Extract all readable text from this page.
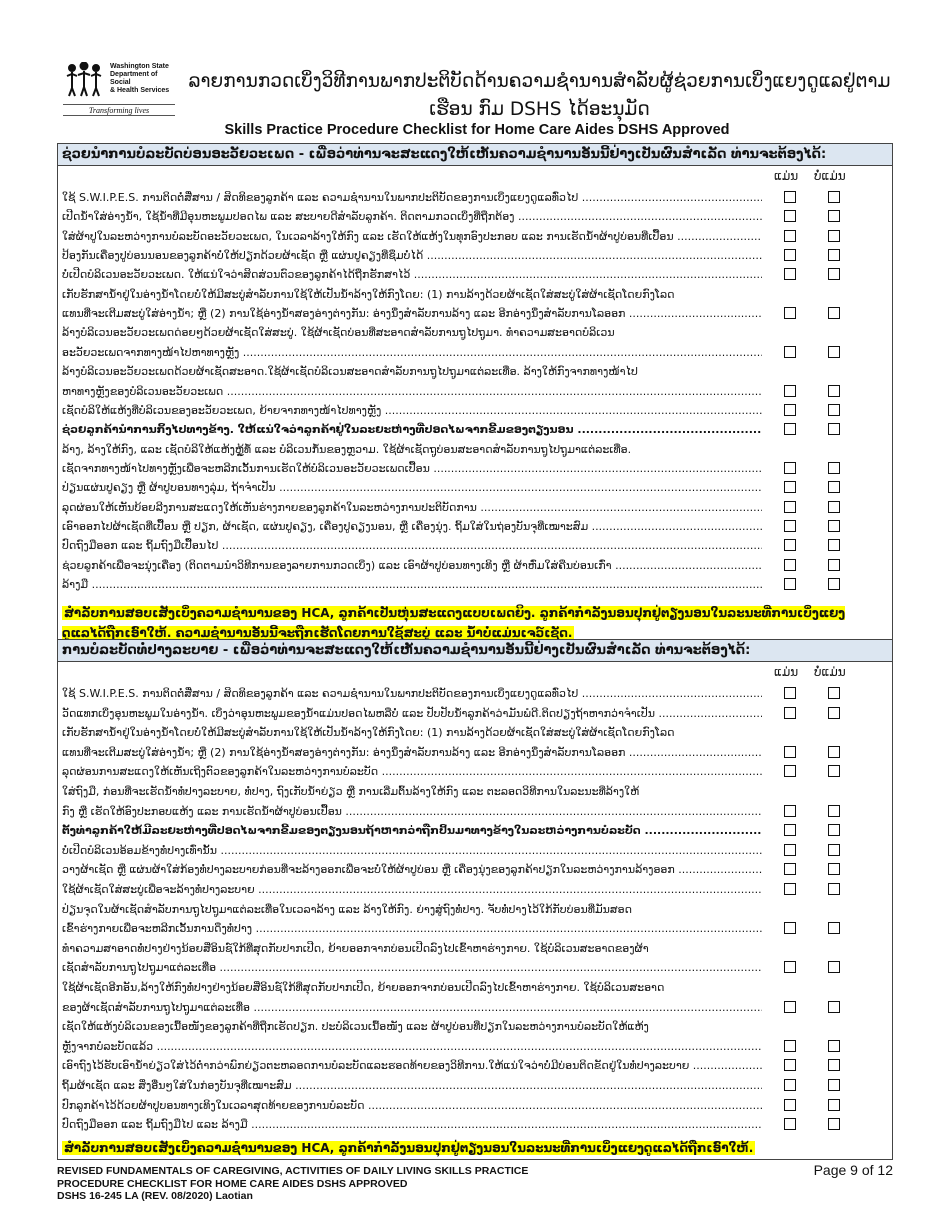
Washington State
Department of Social
& Health Services
Transforming lives
ລາຍການກວດເບິ່ງວິທີການພາກປະຕິບັດດ້ານຄວາມຊໍານານສໍາລັບຜູ້ຊ່ວຍການເບິ່ງແຍງດູແລຢູ່ຕາມເຮືອນ ກົມ DSHS ໄດ້ອະນຸມັດ
Skills Practice Procedure Checklist for Home Care Aides DSHS Approved
ຊ່ວຍນໍາການບໍລະບັດບ່ອນອະວັຍວະເພດ - ເພື່ອວ່າທ່ານຈະສະແດງໃຫ້ເຫັນຄວາມຊໍານານອັນນີ້ຢ່າງເປັນຜົນສໍາເລັດ ທ່ານຈະຕ້ອງໄດ້:
ແມ່ນ ບໍ່ແມ່ນ
ໃຊ້ S.W.I.P.E.S. ການຕິດຕໍ່ສື່ສານ / ສິດທິຂອງລູກຄ້າ ແລະ ຄວາມຊໍານານໃນພາກປະຕິບັດຂອງການເບິ່ງແຍງດູແລທົ່ວໄປ .....
ເປີດນໍ້າໃສ່ອ່າງນໍ້າ, ໃຊ້ນໍ້າທີ່ມີອຸນຫະພູມປອດໄພ ແລະ ສະບາຍດີສໍາລັບລູກຄ້າ. ຕິດຕາມກວດເບິ່ງທີ່ຖືກຕ້ອງ .....
ໃສ່ຜ້າປູໃນລະຫວ່າງການບໍລະບັດອະວັຍວະເພດ, ໃນເວລາລ້າງໃຫ້ກົງ ແລະ ເຮັດໃຫ້ແຫ້ງໃນທຸກອົງປະກອບ ແລະ ການເຮັດນໍ້າຜ້າປູບ່ອນທີ່ເປື້ອນ .....
ປ້ອງກັນເຄື່ອງປູບ່ອນນອນຂອງລູກຄ້າບໍ່ໃຫ້ປຽກດ້ວຍຜ້າເຊັດ ຫຼື ແຜ່ນປູຄຽງທີ່ຊຶມບໍ່ໄດ້ .....
ບໍ່ເປີດບໍລິເວນອະວັຍວະເພດ. ໃຫ້ແນ່ໃຈວ່າສິດສ່ວນຕົວຂອງລູກຄ້າໄດ້ຖືກຮັກສາໄວ້ .....
ເກັບຮັກສານໍ້າຢູ່ໃນອ່າງນໍ້າໂດຍບໍ່ໃຫ້ມີສະບູ່ສໍາລັບການໃຊ້ໃຫ້ເປັນນໍ້າລ້າງໃຫ້ກົງໂດຍ: (1) ການລ້າງດ້ວຍຜ້າເຊັດໃສ່ສະບູ່ໃສ່ຜ້າເຊັດໂດຍກົງໂລດ
ແທນທີ່ຈະເຕີມສະບູ່ໃສ່ອ່າງນໍ້າ; ຫຼື (2) ການໃຊ້ອ່າງນໍ້າສອງອ່າງຕ່າງກັນ: ອ່າງນຶ່ງສໍາລັບການລ້າງ ແລະ ອີກອ່າງນຶ່ງສໍາລັບການໂລອອກ .....
ລ້າງບໍລິເວນອະວັຍວະເພດດ່ອຍໆດ້ວຍຜ້າເຊັດໃສ່ສະບູ່. ໃຊ້ຜ້າເຊັດບ່ອນທີ່ສະອາດສໍາລັບການຖູໄປຖູມາ. ທໍາຄວາມສະອາດບໍລິເວນ
ອະວັຍວະເພດຈາກທາງໜ້າໄປຫາທາງຫຼັງ .....
ລ້າງບໍລິເວນອະວັຍວະເພດດ້ວຍຜ້າເຊັດສະອາດ.ໃຊ້ຜ້າເຊັດບໍລິເວນສະອາດສໍາລັບການຖູໄປຖູມາແຕ່ລະເທື່ອ. ລ້າງໃຫ້ກົງຈາກທາງໜ້າໄປ
ຫາທາງຫຼັງຂອງບໍລິເວນອະວັຍວະເພດ .....
ເຊັດບໍລິໃຫ້ແຫ້ງທີ່ບໍລິເວນຂອງອະວັຍວະເພດ, ຍ້າຍຈາກທາງໜ້າໄປທາງຫຼັງ .....
ຊ່ວຍລູກຄ້ານໍາການກິ້ງໄປທາງຂ້າງ. ໃຫ້ແນ່ໃຈວ່າລູກຄ້າຢູ່ໃນລະຍະຫ່າງທີ່ປອດໄພຈາກຂີ້ມຂອງຕຽງນອນ .....
ລ້າງ, ລ້າງໃຫ້ກົງ, ແລະ ເຊັດບໍລິໃຫ້ແຫ້ງຫຼູ້ທໍ້ ແລະ ບໍລິເວນກໍ້ນຂອງຫຼວາມ. ໃຊ້ຜ້າເຊັດຖູບ່ອນສະອາດສໍາລັບການຖູໄປຖູມາແຕ່ລະເທື່ອ.
ເຊັດຈາກທາງໜ້າໄປທາງຫຼັງເພື່ອຈະຫລີກເວັ້ນການເຮັດໃຫ້ບໍລິເວນອະວັຍວະເພດເປື້ອນ .....
ປ່ຽນແຜ່ນປູຄຽງ ຫຼື ຜ້າປູບອນທາງລຸ່ມ, ຖ້າຈໍາເປັນ .....
ລຸດຜ່ອນໃຫ້ເຫັນບ້ອຍລີງການສະແດງໃຫ້ເຫັນຮ່າງກາຍຂອງລູກຄ້າໃນລະຫວ່າງການປະຕິບັດການ .....
ເອົາອອກໄປຜ້າເຊັດທີ່ເປື້ອນ ຫຼື ປຽກ, ຜ້າເຊັດ, ແຜ່ນປູຄຽງ, ເຄື່ອງປູຄຽງນອນ, ຫຼື ເຄື່ອງນຸ່ງ. ຖິ້ມໃສ່ໃນຖ່ອງບັນຈຸທີ່ເໝາະສົມ .....
ປົດຖົງມືອອກ ແລະ ຖິ້ມຖົງມືເປື້ອນໄປ .....
ຊ່ວຍລູກຄ້າເພື່ອຈະນຸ່ງເຄື່ອງ (ຕິດຕາມນໍາວິທີການຂອງລາຍການກວດເບິ່ງ) ແລະ ເອົາຜ້າປູບ່ອນທາງເທິງ ຫຼື ຜ້າຫົ່ມໃສ່ຄືນບ່ອນເກົ່າ .....
ລ້າງມື .....
ສໍາລັບການສອບເສັງເບິ່ງຄວາມຊໍານານຂອງ HCA, ລູກຄ້າເປັນຫຸ່ນສະແດງແບບເພດຍິງ. ລູກຄ້າກໍາລັງນອນປຸກຢູ່ຕຽງນອນໃນລະນະທີ່ການເບິ່ງແຍງດູແລໄດ້ຖືກເອົາໃຫ້. ຄວາມຊໍານານອັນນີ້ຈະຖືກເຮັດໂດຍການໃຊ້ສະບູ່ ແລະ ນໍ້າບໍ່ແມ່ນເຈວ໌ເຊັດ.
ການບໍລະບັດທໍ່ປາງລະບາຍ - ເພື່ອວ່າທ່ານຈະສະແດງໃຫ້ເຫັນຄວາມຊໍານານອັນນີ້ຢ່າງເປັນຜົນສໍາເລັດ ທ່ານຈະຕ້ອງໄດ້:
ແມ່ນ ບໍ່ແມ່ນ
ໃຊ້ S.W.I.P.E.S. ການຕິດຕໍ່ສື່ສານ / ສິດທິຂອງລູກຄ້າ ແລະ ຄວາມຊໍານານໃນພາກປະຕິບັດຂອງການເບິ່ງແຍງດູແລທົ່ວໄປ .....
ວັດແທກເບິ່ງອຸນຫະພູມໃນອ່າງນໍ້າ. ເບິ່ງວ່າອຸນຫະພູມຂອງນໍ້າແມ່ນປອດໄພຫລືບໍ່ ແລະ ປັບປັບນໍ້າລູກຄ້າວ່າມັນພໍດີ.ຕິດປຽງຖ້າຫາກວ່າຈໍາເປັນ .....
ເກັບຮັກສານໍ້າຢູ່ໃນອ່າງນໍ້າໂດຍບໍ່ໃຫ້ມີສະບູ່ສໍາລັບການໃຊ້ໃຫ້ເປັນນໍ້າລ້າງໃຫ້ກົງໂດຍ: (1) ການລ້າງດ້ວຍຜ້າເຊັດໃສ່ສະບູ່ໃສ່ຜ້າເຊັດໂດຍກົງໂລດ
ແທນທີ່ຈະເຕີມສະບູ່ໃສ່ອ່າງນໍ້າ; ຫຼື (2) ການໃຊ້ອ່າງນໍ້າສອງອ່າງຕ່າງກັນ: ອ່າງນຶ່ງສໍາລັບການລ້າງ ແລະ ອີກອ່າງນຶ່ງສໍາລັບການໂລອອກ .....
ລຸດຜ່ອນການສະແດງໃຫ້ເຫັນເຖິງຕົວຂອງລູກຄ້າໃນລະຫວ່າງການບໍລະບັດ .....
ໃສ່ຖົງມື, ກ່ອນທີ່ຈະເຮັດນໍ້າທໍ່ປາງລະບາຍ, ທໍ່ປາງ, ຖົງເກັບນໍ້າຍ່ຽວ ຫຼື ການເລີ່ມຕົ້ນລ້າງໃຫ້ກົງ ແລະ ຕະລອດວິທີການໃນລະນະທີ່ລ້າງໃຫ້
ກົງ ຫຼື ເຮັດໃຫ້ອົງປະກອບແຫ້ງ ແລະ ການເຮັດນໍ້າຜ້າປູບ່ອນເປື້ອນ .....
ຕັ້ງທ່າລູກຄ້າໃຫ້ມີລະຍະຫ່າງທີ່ປອດໄພຈາກຂີ້ມຂອງຕຽງນອນຖ້າຫາກວ່າຖືກປິ້ນມາທາງຂ້າງໃນລະຫວ່າງການບໍລະບັດ .....
ບໍ່ເປີດບໍລິເວນອ້ອມຂ້າງທໍ່ປາງເທົ່ານັ້ນ .....
ວາງຜ້າເຊັດ ຫຼື ແຜ່ນຜ້າໃສ່ກ້ອງທໍ່ປາງລະບາຍກ່ອນທີ່ຈະລ້າງອອກເພື່ອຈະບໍ່ໃຫ້ຜ້າປູບ່ອນ ຫຼື ເຄື່ອງນຸ່ງຂອງລູກຄ້າປຽກໃນລະຫວ່າງການລ້າງອອກ .....
ໃຊ້ຜ້າເຊັດໃສ່ສະບູ່ເພື່ອຈະລ້າງທໍ່ປາງລະບາຍ .....
ປ່ຽນຈຸດໃນຜ້າເຊັດສໍາລັບການຖູໄປຖູມາແຕ່ລະເທື່ອໃນເວລາລ້າງ ແລະ ລ້າງໃຫ້ກົງ. ຍ່າງສູ່ຖົງທໍ່ປາງ. ຈັບທໍ່ປາງໄວ້ໃກ້ກັບບ່ອນທີ່ມັນສອດ
ເຂົ້າຮ່າງກາຍເພື່ອຈະຫລີກເວັ້ນການດຶງທໍ່ປາງ .....
ທໍາຄວາມສາອາດທໍ່ປາງຢ່າງນ້ອຍສີ່ອິນຊ໌ໃກ້ທີ່ສຸດກັບປາກເປີດ, ຍ້າຍອອກຈາກບ່ອນເປີດລົງໄປເຂົ້າຫາຮ່າງກາຍ. ໃຊ້ບໍລິເວນສະອາດຂອງຜ້າ
ເຊັດສໍາລັບການຖູໄປຖູມາແຕ່ລະເທື່ອ .....
ໃຊ້ຜ້າເຊັດອີກອັນ,ລ້າງໃຫ້ກົງທໍ່ປາງຢ່າງນ້ອຍສີ່ອິນຊ໌ໃກ້ທີ່ສຸດກັບປາກເປີດ, ຍ້າຍອອກຈາກບ່ອນເປີດລົງໄປເຂົ້າຫາຮ່າງກາຍ. ໃຊ້ບໍລິເວນສະອາດ
ຂອງຜ້າເຊັດສໍາລັບການຖູໄປຖູມາແຕ່ລະເທື່ອ .....
ເຊັດໃຫ້ແຫ້ງບໍລິເວນຂອງເນື້ອໜັງຂອງລູກຄ້າທີ່ຖືກເຮັດປຽກ. ປະບໍລິເວນເນື້ອໜັງ ແລະ ຜ້າປູບ່ອນທີ່ປຽກໃນລະຫວ່າງການບໍລະບັດໃຫ້ແຫ້ງ
ຫຼັງຈາກບໍລະບັດແລ້ວ .....
ເອົາຖົງໄວ້ຮັບເອົານໍ້າຍ່ຽວໃສ່ໄວ້ຕໍ່າກວ່າພົກຍ່ຽວຕະຫລອດການບໍລະບັດແລະຮອດທ້າຍຂອງວິທີການ.ໃຫ້ແນ່ໃຈວ່າບໍ່ມີບ່ອນຕິດຂັດຢູ່ໃນທໍ່ປາງລະບາຍ .....
ຖິ້ມຜ້າເຊັດ ແລະ ສິ່ງອື່ນໆໃສ່ໃນກ່ອງບັນຈຸທີ່ເໝາະສົມ .....
ປົກລູກຄ້າໄວ້ດ້ວຍຜ້າປູບອນທາງເທິງໃນເວລາສຸດທ້າຍຂອງການບໍລະບັດ .....
ປົດຖົງມືອອກ ແລະ ຖິ້ມຖົງມືໄປ ແລະ ລ້າງມື .....
ສໍາລັບການສອບເສັງເບິ່ງຄວາມຊໍານານຂອງ HCA, ລູກຄ້າກໍາລັງນອນປຸກຢູ່ຕຽງນອນໃນລະນະທີ່ການເບິ່ງແຍງດູແລໄດ້ຖືກເອົາໃຫ້.
REVISED FUNDAMENTALS OF CAREGIVING, ACTIVITIES OF DAILY LIVING SKILLS PRACTICE
PROCEDURE CHECKLIST FOR HOME CARE AIDES DSHS APPROVED
DSHS 16-245 LA (REV. 08/2020) Laotian
Page 9 of 12
